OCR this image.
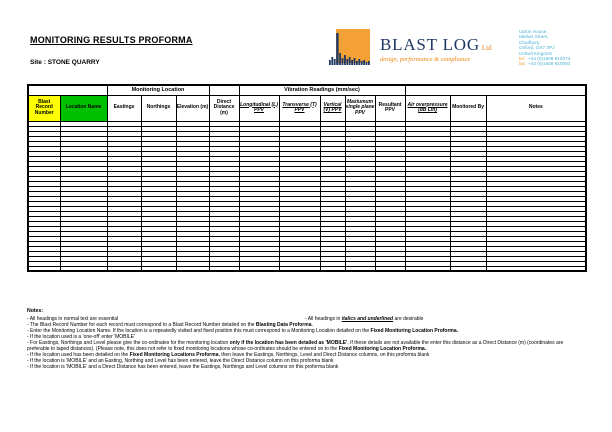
MONITORING RESULTS PROFORMA
Site : STONE QUARRY
BLAST LOG Ltd
design, performance & compliance
Upton House,
Market Street,
Charlbury,
Oxford, OX7 3PJ
United Kingdom
tel +44 (0)1608 810374
fax +44 (0)1608 810093
		Monitoring Location				Vibration Readings (mm/sec)							
Blast Record Number	Location Name	Eastings	Northings	Elevation (m)	Direct Distance (m)	Longitudinal (L) PPV	Transverse (T) PPV	Vertical (V) PPV	Maxiumum single plane PPV	Resultant PPV	Air overpressure (dB Lin)	Monitored By	Notes

Notes:
- All headings in normal text are essential	- All headings in italics and underlined are desirable
- The Blast Record Number for each record must correspond to a Blast Record Number detailed on the Blasting Data Proforma.
- Enter the Monitoring Location Name. If the location is a repeatedly visited and fixed position this must correspond to a Monitoring Location detailed on the Fixed Monitoring Location Proforma.
- If the location used is a 'one-off' enter 'MOBILE'
- For Eastings, Northings and Level please give the co-ordinates for the monitoring location only if the location has been detailed as 'MOBILE'. If these details are not available the enter this distance as a Direct Distance (m) (coordinates are preferable to taped distances). (Please note, this does not refer to fixed monitoring locations whose co-ordinates should be entered on to the Fixed Monitoring Location Proforma.
- If the location used has been detailed on the Fixed Monitoring Locations Proforma, then leave the Eastings, Northings, Level and Direct Distance columns, on this proforma blank
- If the location is 'MOBILE' and an Easting, Northing and Level has been entered, leave the Direct Distance column on this proforma blank
- If the location is 'MOBILE' and a Direct Distance has been entered, leave the Eastings, Northings and Level columns on this proforma blank
